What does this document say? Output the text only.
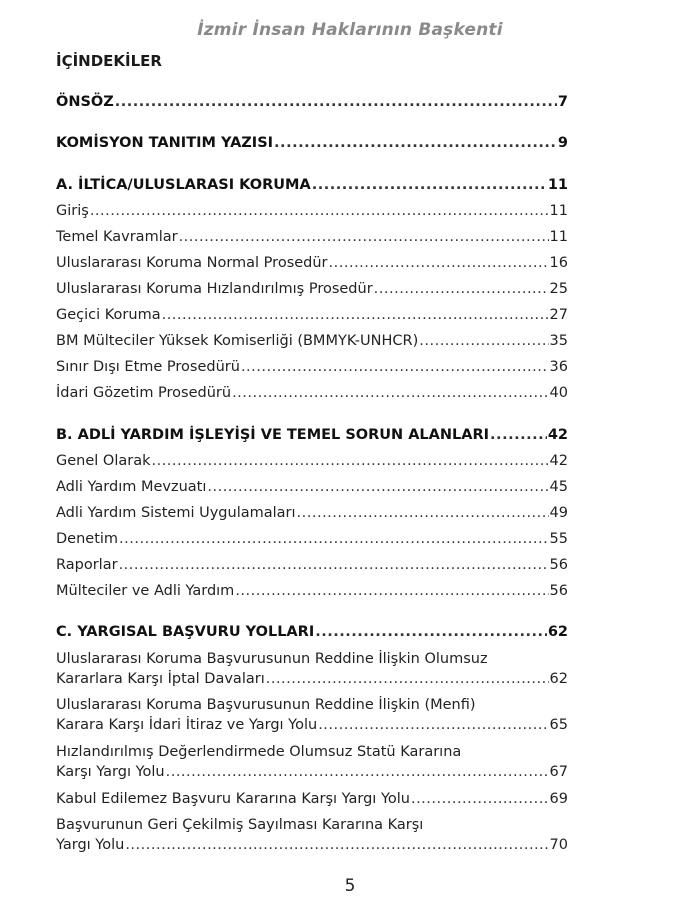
İzmir İnsan Haklarının Başkenti
İÇİNDEKİLER
ÖNSÖZ .....	7
KOMİSYON TANITIM YAZISI .....	9
A. İLTİCA/ULUSLARASI KORUMA .....	11
Giriş .....	11
Temel Kavramlar .....	11
Uluslararası Koruma Normal Prosedür .....	16
Uluslararası Koruma Hızlandırılmış Prosedür .....	25
Geçici Koruma .....	27
BM Mülteciler Yüksek Komiserliği (BMMYK-UNHCR) .....	35
Sınır Dışı Etme Prosedürü .....	36
İdari Gözetim Prosedürü .....	40
B. ADLİ YARDIM İŞLEYİŞİ VE TEMEL SORUN ALANLARI .....	42
Genel Olarak .....	42
Adli Yardım Mevzuatı .....	45
Adli Yardım Sistemi Uygulamaları .....	49
Denetim .....	55
Raporlar .....	56
Mülteciler ve Adli Yardım .....	56
C. YARGISAL BAŞVURU YOLLARI .....	62
Uluslararası Koruma Başvurusunun Reddine İlişkin Olumsuz
Kararlara Karşı İptal Davaları .....	62
Uluslararası Koruma Başvurusunun Reddine İlişkin (Menfi)
Karara Karşı İdari İtiraz ve Yargı Yolu .....	65
Hızlandırılmış Değerlendirmede Olumsuz Statü Kararına
Karşı Yargı Yolu .....	67
Kabul Edilemez Başvuru Kararına Karşı Yargı Yolu .....	69
Başvurunun Geri Çekilmiş Sayılması Kararına Karşı
Yargı Yolu .....	70
5
